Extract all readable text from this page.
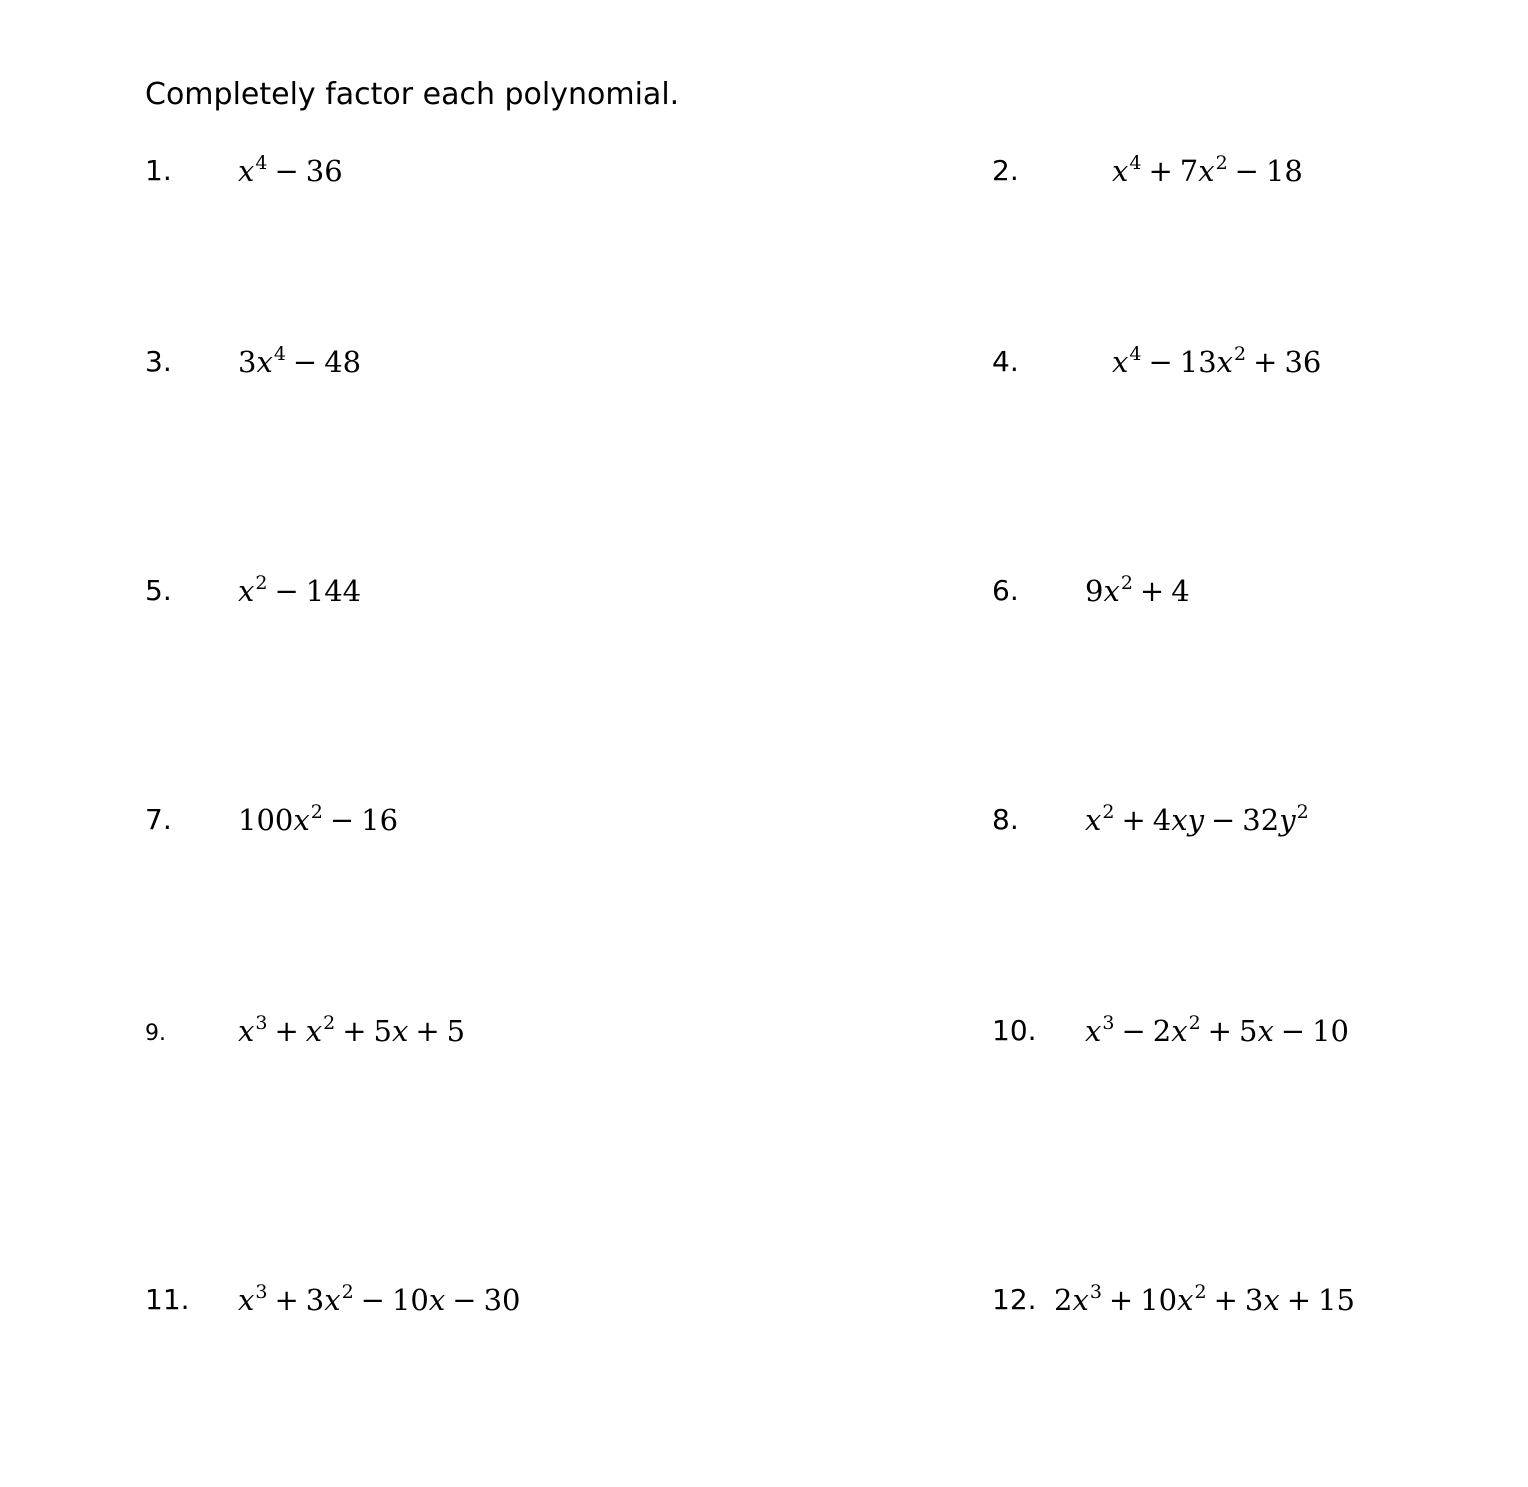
Completely factor each polynomial.
1. $x^4 - 36$	2.	$x^4 + 7x^2 - 18$
3. $3x^4 - 48$	4.	$x^4 - 13x^2 + 36$
5. $x^2 - 144$	6. $9x^2 + 4$
7. $100x^2 - 16$	8. $x^2 + 4xy - 32y^2$
9. $x^3 + x^2 + 5x + 5$	10. $x^3 - 2x^2 + 5x - 10$
11. $x^3 + 3x^2 - 10x - 30$	12. $2x^3 + 10x^2 + 3x + 15$
